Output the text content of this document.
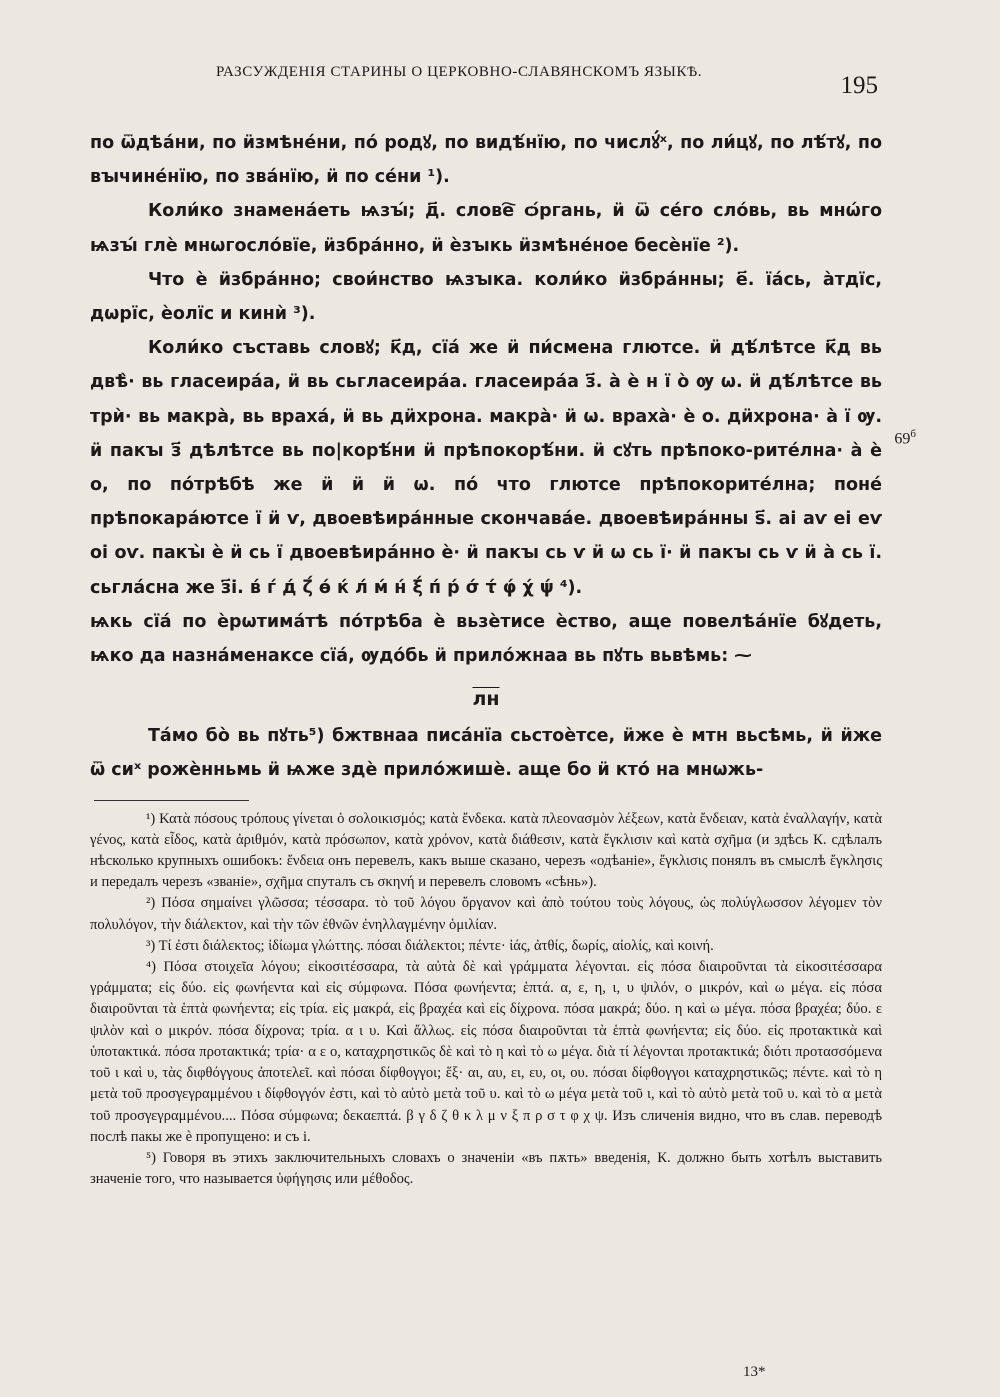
РАЗСУЖДЕНІЯ СТАРИНЫ О ЦЕРКОВНО-СЛАВЯНСКОМЪ ЯЗЫКѢ.	195

по ѿдѣа́ни, по ӥзмѣне́ни, по́ родꙋ, по видѣ́нїю, по числꙋ́ˣ, по ли́цꙋ, по лѣ́тꙋ, по вꙑчине́нїю, по зва́нїю, ӥ по се́ни ¹).

Коли́ко знамена́еть ѩзꙑ́; д҃. слове҇ ѻ́ргань, ӥ ѿ се́го сло́вь, вь мнѡ́го ѩзꙑ́ глѐ мнѡгосло́вїе, ӥзбра́нно, ӥ ѐзꙑкь ӥзмѣне́ное бесѐнїе ²).

Что ѐ ӥзбра́нно; свои́нство ѩзꙑка. коли́ко ӥзбра́нны; е҃. їа́сь, а̀тдїс, дѡрїс, ѐолїс и кинѝ ³).

Коли́ко съставь словꙋ; к҃д, сїа́ же ӥ пи́смена глютсе. ӥ дѣ́лѣтсе к҃д вь двѣ̀· вь гласеира́а, ӥ вь сьгласеира́а. гласеира́а з҃. а̀ ѐ н ї о̀ ѹ ѡ. ӥ дѣ́лѣтсе вь трѝ· вь макра̀, вь враха́, ӥ вь дӥхрона. макра̀· ӥ ѡ. враха̀· ѐ о. дӥхрона· а̀ ї ѹ. ӥ пакꙑ з҃ дѣлѣтсе вь по|корѣ́ни ӥ прѣпокорѣ́ни. ӥ сꙋть прѣпоко-рите́лна· а̀ ѐ о, по по́трѣбѣ же ӥ ӥ ӥ ѡ. по́ что глютсе прѣпокорите́лна; поне́ прѣпокара́ютсе ї ӥ ѵ, двоевѣира́нные скончава́е. двоевѣира́нны ѕ҃. аі аѵ еі еѵ оі оѵ. пакꙑ̀ ѐ ӥ сь ї двоевѣира́нно ѐ· ӥ пакꙑ сь ѵ ӥ ѡ сь ї· ӥ пакꙑ сь ѵ ӥ а̀ сь ї. сьгла́сна же з҃і. в́ ѓ д́ ζ́ ѳ́ ќ л́ м́ н́ ξ́ п́ р́ σ́ τ́ φ́ χ́ ψ́ ⁴).

ѩкь сїа́ по ѐрѡтима́тѣ по́трѣба ѐ вьзѐтисе ѐство, аще повелѣа́нїе бꙋдеть, ѩко да назна́менаксе сїа́, ѹдо́бь ӥ прило́жнаа вь пꙋть вьвѣмь: ⁓

лн

Та́мо бо̀ вь пꙋть⁵) бжтвнаа писа́нїа сьстоѐтсе, ӥже ѐ мтн вьсѣмь, ӥ ӥже ѿ сиˣ рожѐнньмь ӥ ѩже здѐ прило́жишѐ. аще бо ӥ кто́ на мнѡжь-

$69^б$

¹) Κατὰ πόσους τρόπους γίνεται ὁ σολοικισμός; κατὰ ἔνδεκα. κατὰ πλεονασμὸν λέξεων, κατὰ ἔνδειαν, κατὰ ἐναλλαγήν, κατὰ γένος, κατὰ εἶδος, κατὰ ἀριθμόν, κατὰ πρόσωπον, κατὰ χρόνον, κατὰ διάθεσιν, κατὰ ἔγκλισιν καὶ κατὰ σχῆμα (и здѣсь К. сдѣлалъ нѣсколько крупныхъ ошибокъ: ἔνδεια онъ перевелъ, какъ выше сказано, черезъ «одѣаніе», ἔγκλισις понялъ въ смыслѣ ἔγκλησις и передалъ черезъ «званіе», σχῆμα спуталъ съ σκηνή и перевелъ словомъ «сѣнь»).

²) Πόσα σημαίνει γλῶσσα; τέσσαρα. τὸ τοῦ λόγου ὄργανον καὶ ἀπὸ τούτου τοὺς λόγους, ὡς πολύγλωσσον λέγομεν τὸν πολυλόγον, τὴν διάλεκτον, καὶ τὴν τῶν ἐθνῶν ἐνηλλαγμένην ὁμιλίαν.

³) Τί ἐστι διάλεκτος; ἰδίωμα γλώττης. πόσαι διάλεκτοι; πέντε· ἰάς, ἀτθίς, δωρίς, αἰολίς, καὶ κοινή.

⁴) Πόσα στοιχεῖα λόγου; εἰκοσιτέσσαρα, τὰ αὐτὰ δὲ καὶ γράμματα λέγονται. εἰς πόσα διαιροῦνται τὰ εἰκοσιτέσσαρα γράμματα; εἰς δύο. εἰς φωνήεντα καὶ εἰς σύμφωνα. Πόσα φωνήεντα; ἑπτά. α, ε, η, ι, υ ψιλόν, ο μικρόν, καὶ ω μέγα. εἰς πόσα διαιροῦνται τὰ ἑπτὰ φωνήεντα; εἰς τρία. εἰς μακρά, εἰς βραχέα καὶ εἰς δίχρονα. πόσα μακρά; δύο. η καὶ ω μέγα. πόσα βραχέα; δύο. ε ψιλὸν καὶ ο μικρόν. πόσα δίχρονα; τρία. α ι υ. Καὶ ἄλλως. εἰς πόσα διαιροῦνται τὰ ἑπτὰ φωνήεντα; εἰς δύο. εἰς προτακτικὰ καὶ ὑποτακτικά. πόσα προτακτικά; τρία· α ε ο, καταχρηστικῶς δὲ καὶ τὸ η καὶ τὸ ω μέγα. διὰ τί λέγονται προτακτικά; διότι προτασσόμενα τοῦ ι καὶ υ, τὰς διφθόγγους ἀποτελεῖ. καὶ πόσαι δίφθογγοι; ἕξ· αι, αυ, ει, ευ, οι, ου. πόσαι δίφθογγοι καταχρηστικῶς; πέντε. καὶ τὸ η μετὰ τοῦ προσγεγραμμένου ι δίφθογγόν ἐστι, καὶ τὸ αὐτὸ μετὰ τοῦ υ. καὶ τὸ ω μέγα μετὰ τοῦ ι, καὶ τὸ αὐτὸ μετὰ τοῦ υ. καὶ τὸ α μετὰ τοῦ προσγεγραμμένου.... Πόσα σύμφωνα; δεκαεπτά. β γ δ ζ θ κ λ μ ν ξ π ρ σ τ φ χ ψ. Изъ сличенія видно, что въ слав. переводѣ послѣ пакы же ѐ пропущено: и съ і.

⁵) Говоря въ этихъ заключительныхъ словахъ о значеніи «въ пѫть» введенія, К. должно быть хотѣлъ выставить значеніе того, что называется ὑφήγησις или μέθοδος.

13*
